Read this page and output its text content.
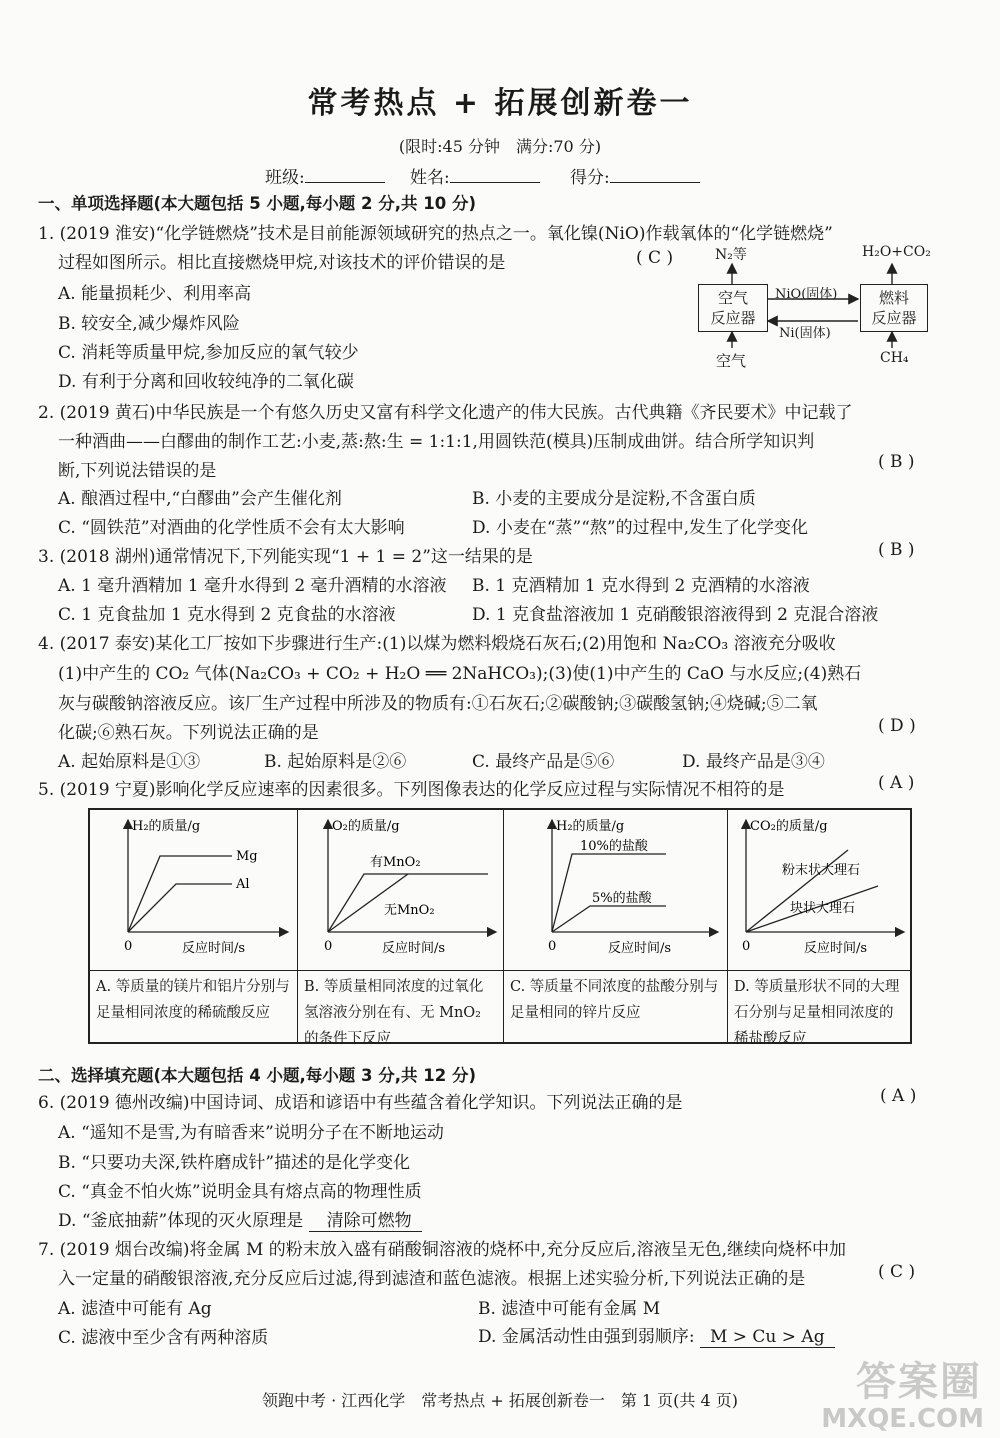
常考热点 + 拓展创新卷一
(限时:45 分钟　满分:70 分)
班级:	姓名:	得分:
一、单项选择题(本大题包括 5 小题,每小题 2 分,共 10 分)
1. (2019 淮安)“化学链燃烧”技术是目前能源领域研究的热点之一。氧化镍(NiO)作载氧体的“化学链燃烧”
过程如图所示。相比直接燃烧甲烷,对该技术的评价错误的是	( C )
A. 能量损耗少、利用率高
B. 较安全,减少爆炸风险
C. 消耗等质量甲烷,参加反应的氧气较少
D. 有利于分离和回收较纯净的二氧化碳
N₂等	H₂O+CO₂
空气
反应器
燃料
反应器
NiO(固体)
Ni(固体)
空气	CH₄
2. (2019 黄石)中华民族是一个有悠久历史又富有科学文化遗产的伟大民族。古代典籍《齐民要术》中记载了
一种酒曲——白醪曲的制作工艺:小麦,蒸:熬:生 = 1:1:1,用圆铁范(模具)压制成曲饼。结合所学知识判
断,下列说法错误的是	( B )
A. 酿酒过程中,“白醪曲”会产生催化剂	B. 小麦的主要成分是淀粉,不含蛋白质
C. “圆铁范”对酒曲的化学性质不会有太大影响	D. 小麦在“蒸”“熬”的过程中,发生了化学变化
3. (2018 湖州)通常情况下,下列能实现“1 + 1 = 2”这一结果的是	( B )
A. 1 毫升酒精加 1 毫升水得到 2 毫升酒精的水溶液 B. 1 克酒精加 1 克水得到 2 克酒精的水溶液
C. 1 克食盐加 1 克水得到 2 克食盐的水溶液	D. 1 克食盐溶液加 1 克硝酸银溶液得到 2 克混合溶液
4. (2017 泰安)某化工厂按如下步骤进行生产:(1)以煤为燃料煅烧石灰石;(2)用饱和 Na₂CO₃ 溶液充分吸收
(1)中产生的 CO₂ 气体(Na₂CO₃ + CO₂ + H₂O ══ 2NaHCO₃);(3)使(1)中产生的 CaO 与水反应;(4)熟石
灰与碳酸钠溶液反应。该厂生产过程中所涉及的物质有:①石灰石;②碳酸钠;③碳酸氢钠;④烧碱;⑤二氧
化碳;⑥熟石灰。下列说法正确的是	( D )
A. 起始原料是①③	B. 起始原料是②⑥	C. 最终产品是⑤⑥	D. 最终产品是③④
5. (2019 宁夏)影响化学反应速率的因素很多。下列图像表达的化学反应过程与实际情况不相符的是	( A )
H₂的质量/g
Mg
Al
0	反应时间/s
A. 等质量的镁片和铝片分别与足量相同浓度的稀硫酸反应
O₂的质量/g
有MnO₂
无MnO₂
0	反应时间/s
B. 等质量相同浓度的过氧化氢溶液分别在有、无 MnO₂ 的条件下反应
H₂的质量/g
10%的盐酸
5%的盐酸
0	反应时间/s
C. 等质量不同浓度的盐酸分别与足量相同的锌片反应
CO₂的质量/g
粉末状大理石
块状大理石
0	反应时间/s
D. 等质量形状不同的大理石分别与足量相同浓度的稀盐酸反应
二、选择填充题(本大题包括 4 小题,每小题 3 分,共 12 分)
6. (2019 德州改编)中国诗词、成语和谚语中有些蕴含着化学知识。下列说法正确的是	( A )
A. “遥知不是雪,为有暗香来”说明分子在不断地运动
B. “只要功夫深,铁杵磨成针”描述的是化学变化
C. “真金不怕火炼”说明金具有熔点高的物理性质
D. “釜底抽薪”体现的灭火原理是 清除可燃物
7. (2019 烟台改编)将金属 M 的粉末放入盛有硝酸铜溶液的烧杯中,充分反应后,溶液呈无色,继续向烧杯中加
入一定量的硝酸银溶液,充分反应后过滤,得到滤渣和蓝色滤液。根据上述实验分析,下列说法正确的是	( C )
A. 滤渣中可能有 Ag	B. 滤渣中可能有金属 M
C. 滤液中至少含有两种溶质	D. 金属活动性由强到弱顺序: M > Cu > Ag
领跑中考 · 江西化学　常考热点 + 拓展创新卷一　第 1 页(共 4 页)	答案圈
MXQE.COM
